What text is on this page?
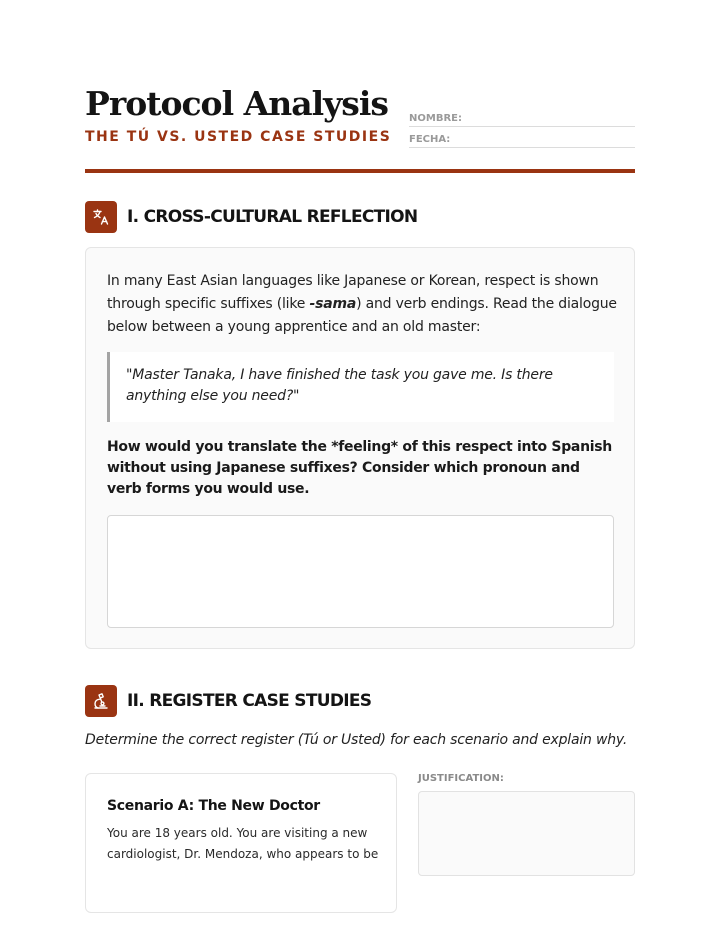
Protocol Analysis
THE TÚ VS. USTED CASE STUDIES
NOMBRE:
FECHA:
I. CROSS-CULTURAL REFLECTION

In many East Asian languages like Japanese or Korean, respect is shown through specific suffixes (like -sama) and verb endings. Read the dialogue below between a young apprentice and an old master:

"Master Tanaka, I have finished the task you gave me. Is there anything else you need?"
How would you translate the *feeling* of this respect into Spanish without using Japanese suffixes? Consider which pronoun and verb forms you would use.
II. REGISTER CASE STUDIES
Determine the correct register (Tú or Usted) for each scenario and explain why.
Scenario A: The New Doctor
You are 18 years old. You are visiting a new cardiologist, Dr. Mendoza, who appears to be
JUSTIFICATION:
